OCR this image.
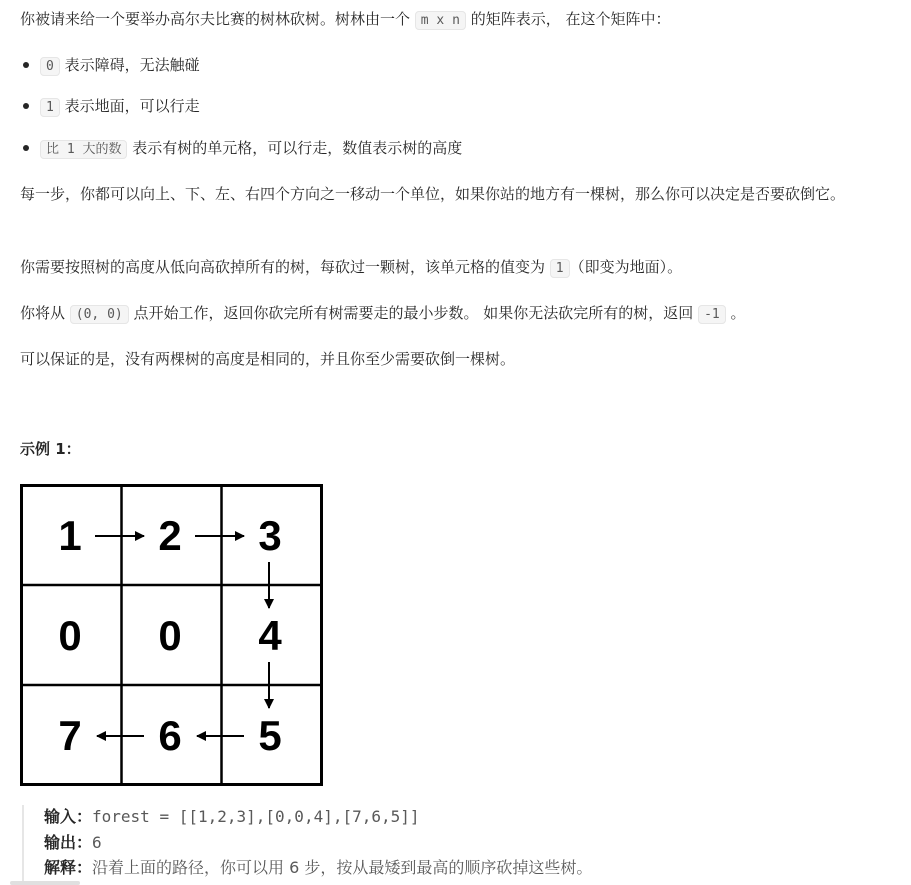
你被请来给一个要举办高尔夫比赛的树林砍树。树林由一个 m x n 的矩阵表示， 在这个矩阵中：

0 表示障碍，无法触碰
1 表示地面，可以行走
比 1 大的数 表示有树的单元格，可以行走，数值表示树的高度

每一步，你都可以向上、下、左、右四个方向之一移动一个单位，如果你站的地方有一棵树，那么你可以决定是否要砍倒它。

你需要按照树的高度从低向高砍掉所有的树，每砍过一颗树，该单元格的值变为 1 （即变为地面）。

你将从 (0, 0) 点开始工作，返回你砍完所有树需要走的最小步数。 如果你无法砍完所有的树，返回 -1 。

可以保证的是，没有两棵树的高度是相同的，并且你至少需要砍倒一棵树。

示例 1：
1 2 3
0 0 4
7 6 5
输入：forest = [[1,2,3],[0,0,4],[7,6,5]]
输出：6
解释：沿着上面的路径，你可以用 6 步，按从最矮到最高的顺序砍掉这些树。
